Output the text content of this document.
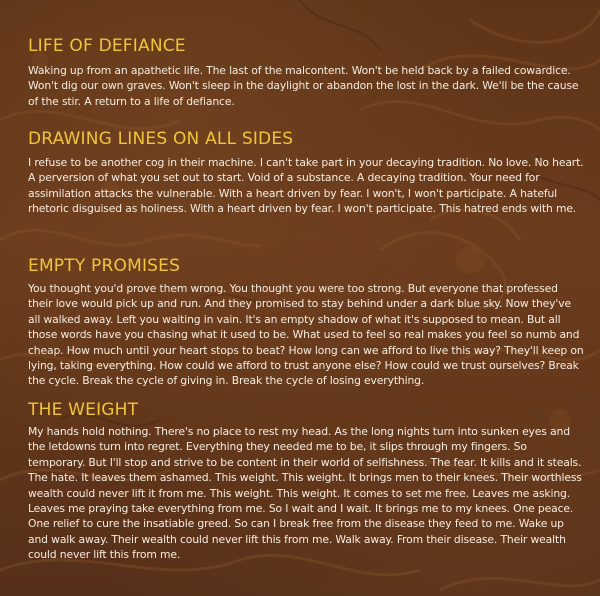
LIFE OF DEFIANCE

Waking up from an apathetic life. The last of the malcontent. Won't be held back by a failed cowardice. Won't dig our own graves. Won't sleep in the daylight or abandon the lost in the dark. We'll be the cause of the stir. A return to a life of defiance.

DRAWING LINES ON ALL SIDES

I refuse to be another cog in their machine. I can't take part in your decaying tradition. No love. No heart. A perversion of what you set out to start. Void of a substance. A decaying tradition. Your need for assimilation attacks the vulnerable. With a heart driven by fear. I won't, I won't participate. A hateful rhetoric disguised as holiness. With a heart driven by fear. I won't participate. This hatred ends with me.

EMPTY PROMISES

You thought you'd prove them wrong. You thought you were too strong. But everyone that professed their love would pick up and run. And they promised to stay behind under a dark blue sky. Now they've all walked away. Left you waiting in vain. It's an empty shadow of what it's supposed to mean. But all those words have you chasing what it used to be. What used to feel so real makes you feel so numb and cheap. How much until your heart stops to beat? How long can we afford to live this way? They'll keep on lying, taking everything. How could we afford to trust anyone else? How could we trust ourselves? Break the cycle. Break the cycle of giving in. Break the cycle of losing everything.

THE WEIGHT

My hands hold nothing. There's no place to rest my head. As the long nights turn into sunken eyes and the letdowns turn into regret. Everything they needed me to be, it slips through my fingers. So temporary. But I'll stop and strive to be content in their world of selfishness. The fear. It kills and it steals. The hate. It leaves them ashamed. This weight. This weight. It brings men to their knees. Their worthless wealth could never lift it from me. This weight. This weight. It comes to set me free. Leaves me asking. Leaves me praying take everything from me. So I wait and I wait. It brings me to my knees. One peace. One relief to cure the insatiable greed. So can I break free from the disease they feed to me. Wake up and walk away. Their wealth could never lift this from me. Walk away. From their disease. Their wealth could never lift this from me.
